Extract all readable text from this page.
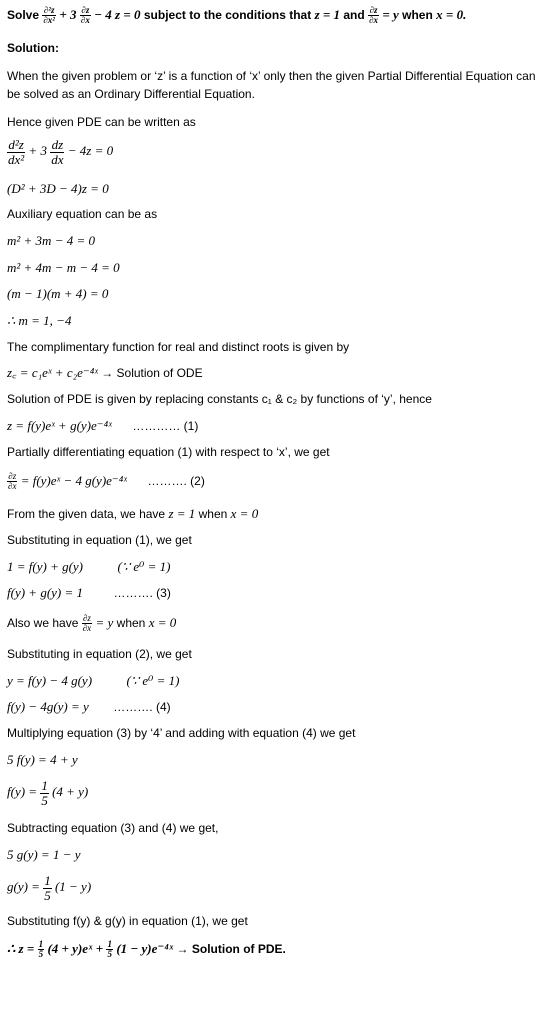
Solve $\frac{\text{∂²z}}{\text{∂x²}} + 3 \frac{\partial z}{\partial x} - 4$ z = 0 subject to the conditions that z = 1 and $\frac{\partial z}{\partial x} = y$ when x = 0.
Solution:
When the given problem or ‘z’ is a function of ‘x’ only then the given Partial Differential Equation can
be solved as an Ordinary Differential Equation.
Hence given PDE can be written as
$\frac{\text{d²z}}{\text{dx²}} + 3 \frac{dz}{dx} - 4z = 0$
(D² + 3D − 4)z = 0
Auxiliary equation can be as
m² + 3m − 4 = 0
m² + 4m − m − 4 = 0
(m − 1)(m + 4) = 0
∴ m = 1, −4
The complimentary function for real and distinct roots is given by
z꜀ = c₁eˣ + c₂e⁻⁴ˣ → Solution of ODE
Solution of PDE is given by replacing constants c₁ & c₂ by functions of ‘y’, hence
z = f(y)eˣ + g(y)e⁻⁴ˣ ………… (1)
Partially differentiating equation (1) with respect to ‘x’, we get
$\frac{\partial z}{\partial x}$ = f(y)eˣ − 4 g(y)e⁻⁴ˣ ………. (2)
From the given data, we have z = 1 when x = 0
Substituting in equation (1), we get
1 = f(y) + g(y)	(∵ e⁰ = 1)
f(y) + g(y) = 1	………. (3)
Also we have $\frac{\partial z}{\partial x} = y$ when x = 0
Substituting in equation (2), we get
y = f(y) − 4 g(y)	(∵ e⁰ = 1)
f(y) − 4g(y) = y ………. (4)
Multiplying equation (3) by ‘4’ and adding with equation (4) we get
5 f(y) = 4 + y
$f(y) = \frac{1}{5} (4 + y)$
Subtracting equation (3) and (4) we get,
5 g(y) = 1 − y
$g(y) = \frac{1}{5} (1 - y)$
Substituting f(y) & g(y) in equation (1), we get
∴ $z = \frac{1}{5} (4$ + y)eˣ + $\frac{1}{5} (1$ − y)e⁻⁴ˣ → Solution of PDE.
